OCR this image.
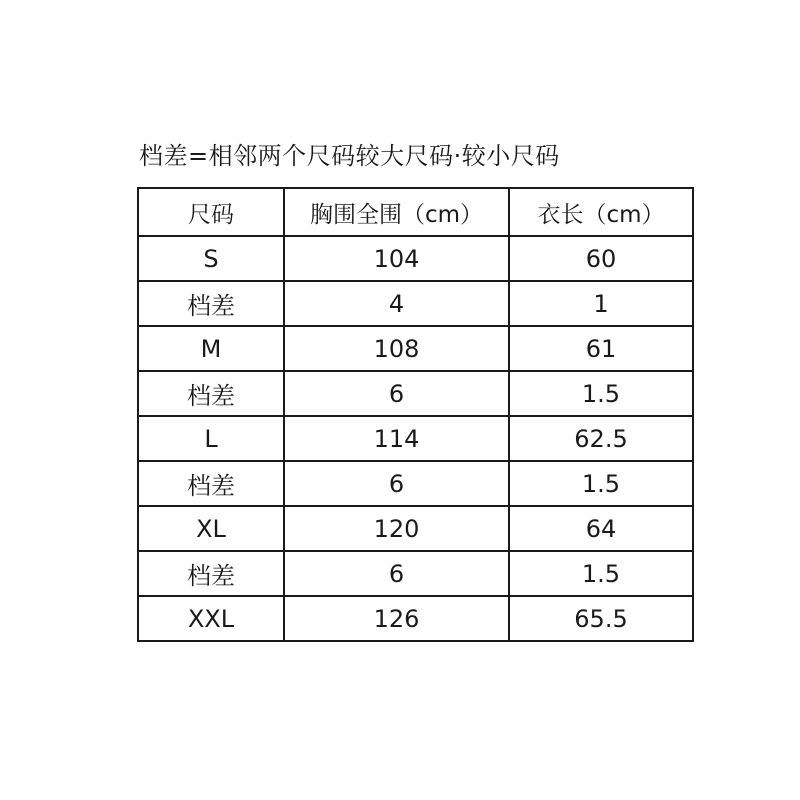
档差=相邻两个尺码较大尺码·较小尺码
尺码	胸围全围（cm）	衣长（cm）
S	104	60
档差	4	1
M	108	61
档差	6	1.5
L	114	62.5
档差	6	1.5
XL	120	64
档差	6	1.5
XXL	126	65.5
